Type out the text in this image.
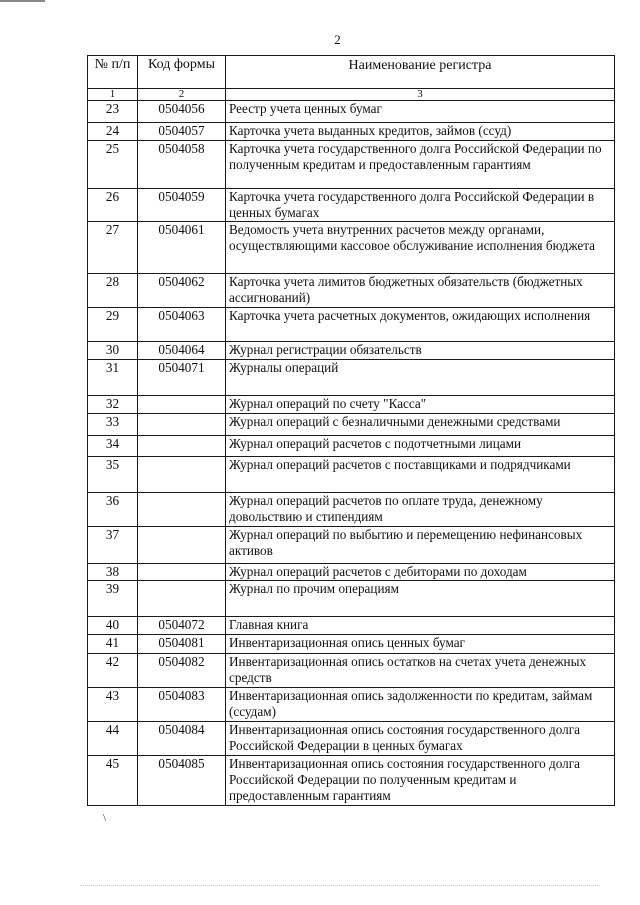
2
№ п/п	Код формы	Наименование регистра
1	2	3
23	0504056	Реестр учета ценных бумаг
24	0504057	Карточка учета выданных кредитов, займов (ссуд)
25	0504058	Карточка учета государственного долга Российской Федерации по полученным кредитам и предоставленным гарантиям
26	0504059	Карточка учета государственного долга Российской Федерации в ценных бумагах
27	0504061	Ведомость учета внутренних расчетов между органами, осуществляющими кассовое обслуживание исполнения бюджета
28	0504062	Карточка учета лимитов бюджетных обязательств (бюджетных ассигнований)
29	0504063	Карточка учета расчетных документов, ожидающих исполнения
30	0504064	Журнал регистрации обязательств
31	0504071	Журналы операций
32		Журнал операций по счету "Касса"
33		Журнал операций с безналичными денежными средствами
34		Журнал операций расчетов с подотчетными лицами
35		Журнал операций расчетов с поставщиками и подрядчиками
36		Журнал операций расчетов по оплате труда, денежному довольствию и стипендиям
37		Журнал операций по выбытию и перемещению нефинансовых активов
38		Журнал операций расчетов с дебиторами по доходам
39		Журнал по прочим операциям
40	0504072	Главная книга
41	0504081	Инвентаризационная опись ценных бумаг
42	0504082	Инвентаризационная опись остатков на счетах учета денежных средств
43	0504083	Инвентаризационная опись задолженности по кредитам, займам (ссудам)
44	0504084	Инвентаризационная опись состояния государственного долга Российской Федерации в ценных бумагах
45	0504085	Инвентаризационная опись состояния государственного долга Российской Федерации по полученным кредитам и предоставленным гарантиям
\
